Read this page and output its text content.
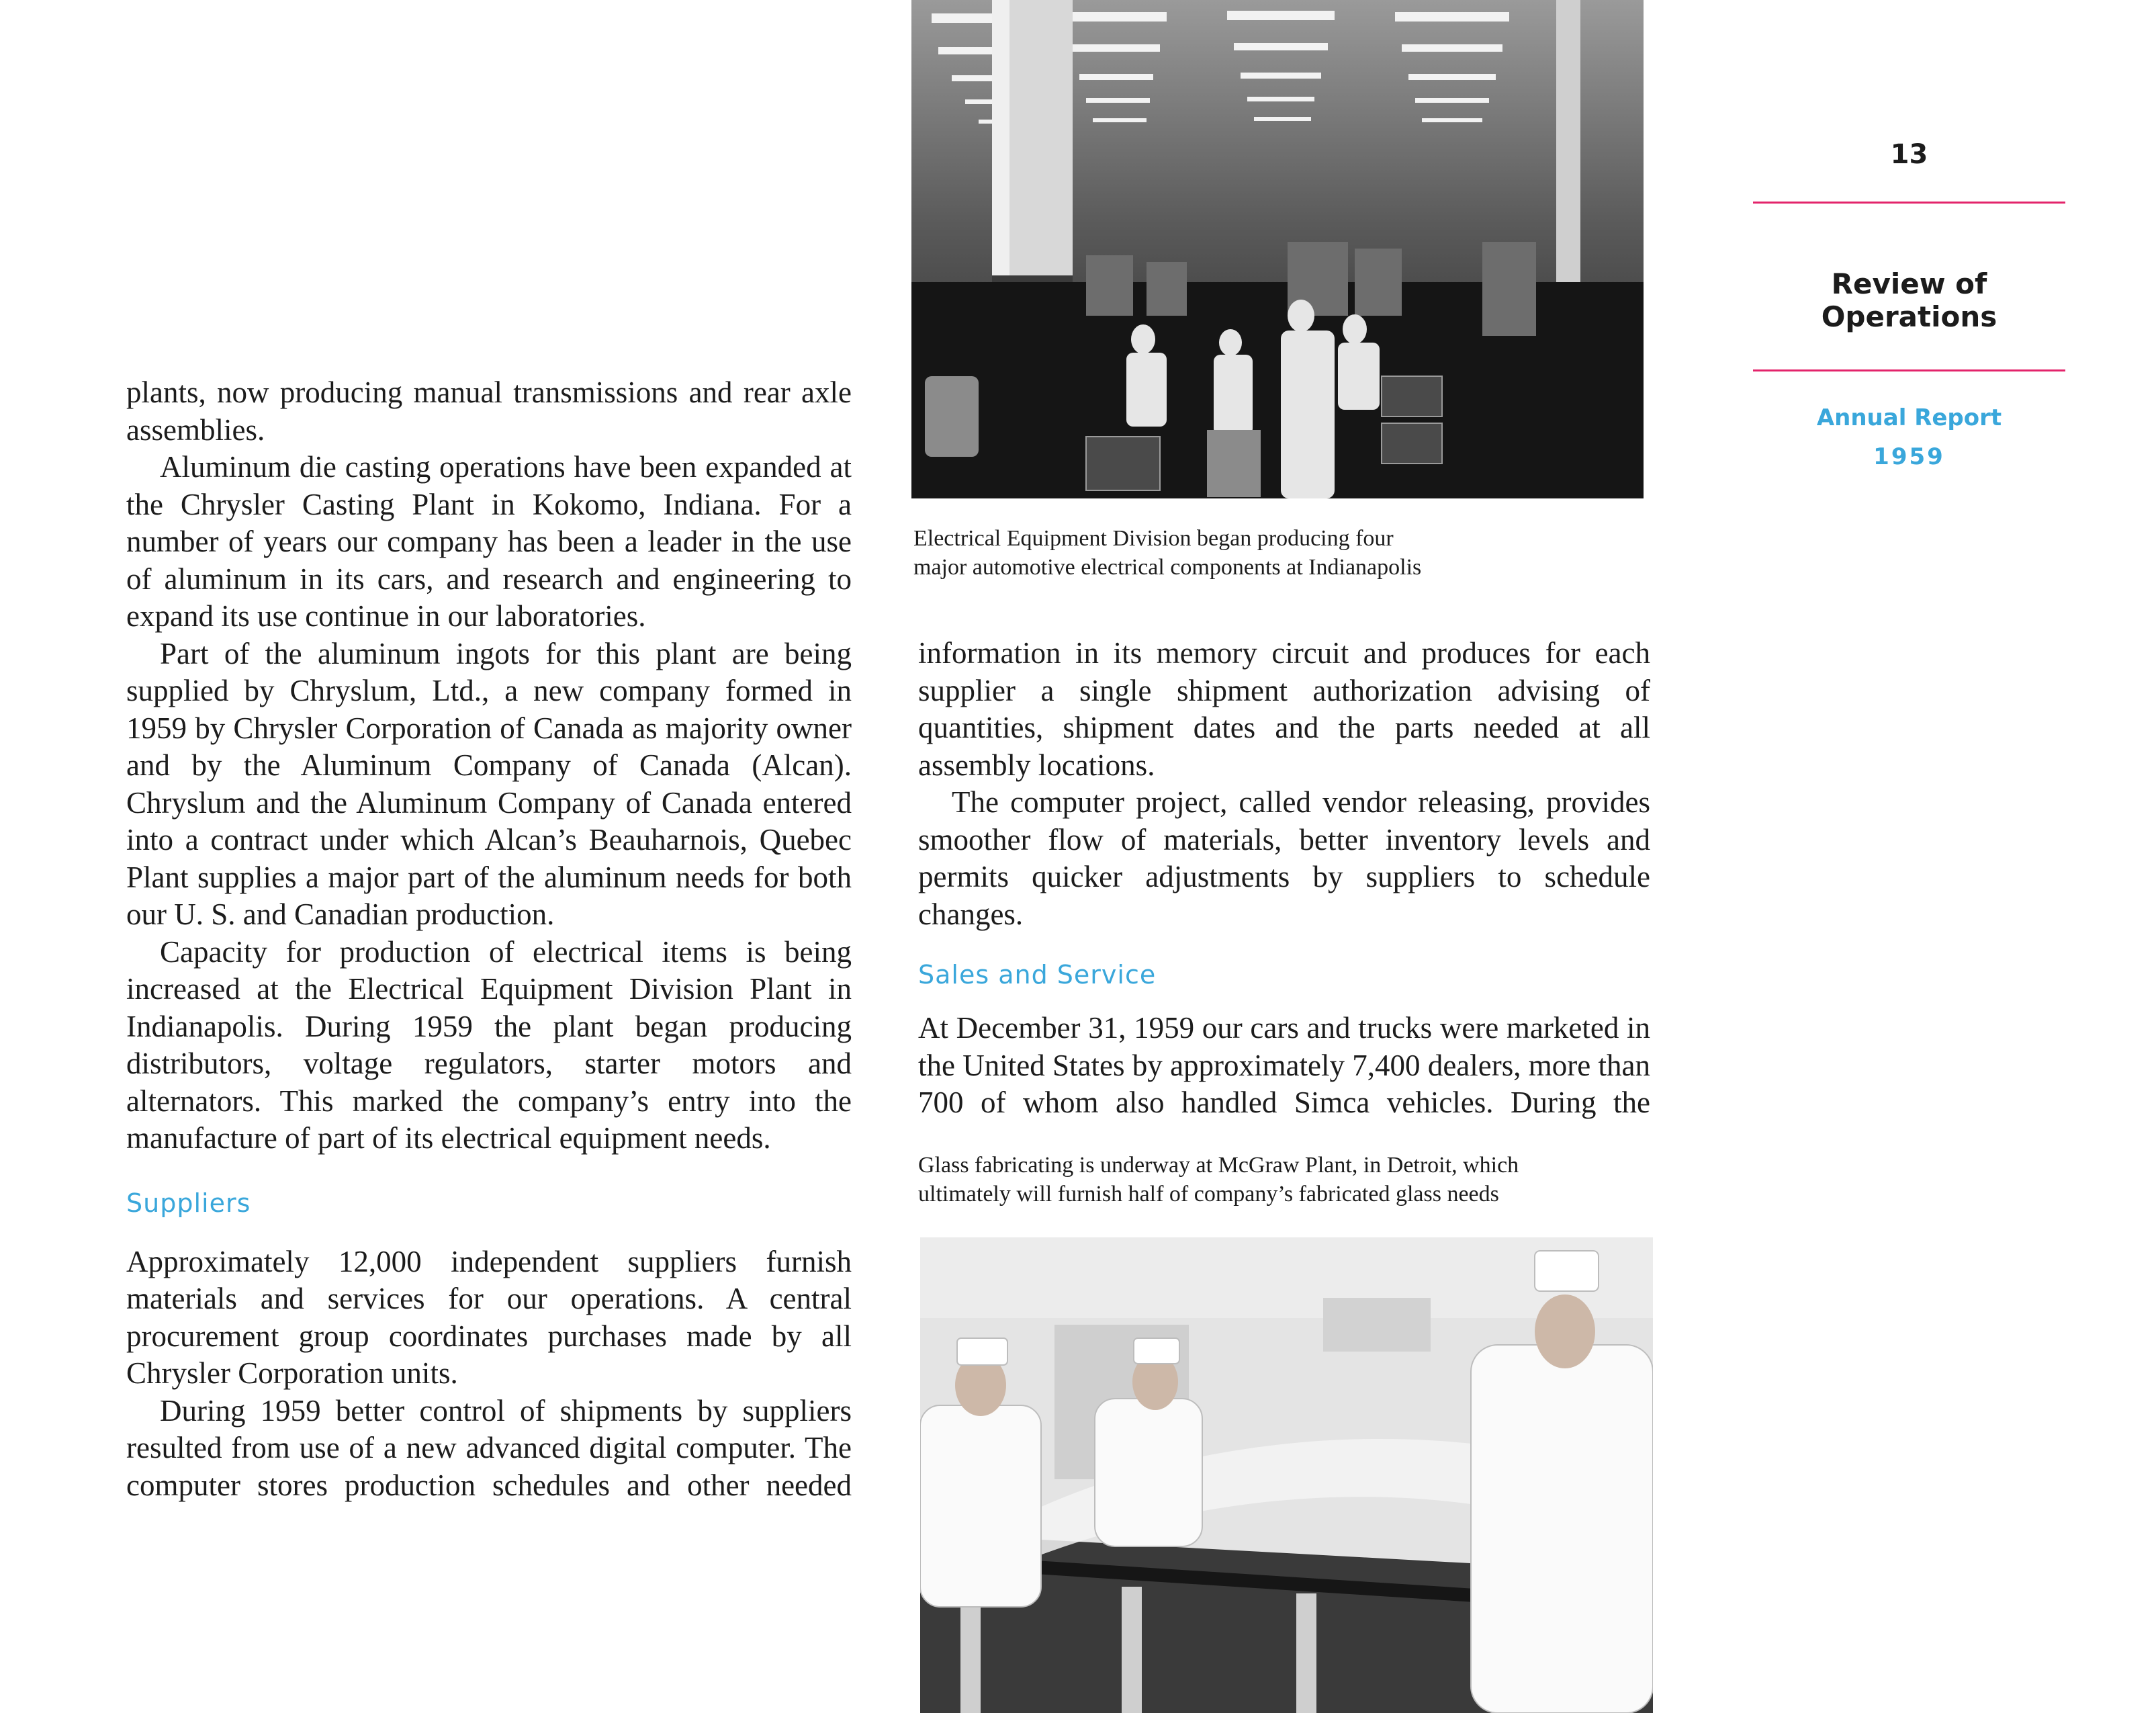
Electrical Equipment Division began producing four
major automotive electrical components at Indianapolis

plants, now producing manual transmissions and rear axle assemblies.

Aluminum die casting operations have been expanded at the Chrysler Casting Plant in Kokomo, Indiana. For a number of years our company has been a leader in the use of aluminum in its cars, and research and engineering to expand its use continue in our laboratories.

Part of the aluminum ingots for this plant are being supplied by Chryslum, Ltd., a new company formed in 1959 by Chrysler Corporation of Canada as majority owner and by the Aluminum Company of Canada (Alcan). Chryslum and the Aluminum Company of Canada entered into a contract under which Alcan’s Beauharnois, Quebec Plant supplies a major part of the aluminum needs for both our U. S. and Canadian production.

Capacity for production of electrical items is being increased at the Electrical Equipment Division Plant in Indianapolis. During 1959 the plant began producing distributors, voltage regulators, starter motors and alternators. This marked the company’s entry into the manufacture of part of its electrical equipment needs.

Suppliers

Approximately 12,000 independent suppliers furnish materials and services for our operations. A central procurement group coordinates purchases made by all Chrysler Corporation units.

During 1959 better control of shipments by suppliers resulted from use of a new advanced digital computer. The computer stores production schedules and other needed

information in its memory circuit and produces for each supplier a single shipment authorization advising of quantities, shipment dates and the parts needed at all assembly locations.

The computer project, called vendor releasing, provides smoother flow of materials, better inventory levels and permits quicker adjustments by suppliers to schedule changes.

Sales and Service

At December 31, 1959 our cars and trucks were marketed in the United States by approximately 7,400 dealers, more than 700 of whom also handled Simca vehicles. During the

Glass fabricating is underway at McGraw Plant, in Detroit, which
ultimately will furnish half of company’s fabricated glass needs

13
Review of Operations
Annual Report
1959
